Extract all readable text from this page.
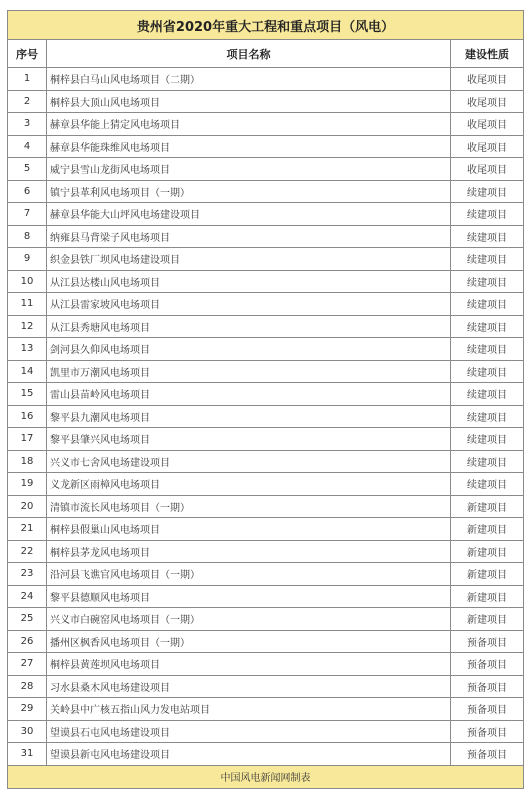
贵州省2020年重大工程和重点项目（风电）		
序号	项目名称	建设性质
1	桐梓县白马山风电场项目（二期）	收尾项目
2	桐梓县大顶山风电场项目	收尾项目
3	赫章县华能上猜定风电场项目	收尾项目
4	赫章县华能珠维风电场项目	收尾项目
5	威宁县雪山龙街风电场项目	收尾项目
6	镇宁县革利风电场项目（一期）	续建项目
7	赫章县华能大山坪风电场建设项目	续建项目
8	纳雍县马背梁子风电场项目	续建项目
9	织金县铁厂坝风电场建设项目	续建项目
10	从江县达楼山风电场项目	续建项目
11	从江县雷家坡风电场项目	续建项目
12	从江县秀塘风电场项目	续建项目
13	剑河县久仰风电场项目	续建项目
14	凯里市万潮风电场项目	续建项目
15	雷山县苗岭风电场项目	续建项目
16	黎平县九潮风电场项目	续建项目
17	黎平县肇兴风电场项目	续建项目
18	兴义市七舍风电场建设项目	续建项目
19	义龙新区雨樟风电场项目	续建项目
20	清镇市流长风电场项目（一期）	新建项目
21	桐梓县假巢山风电场项目	新建项目
22	桐梓县茅龙风电场项目	新建项目
23	沿河县飞谯官风电场项目（一期）	新建项目
24	黎平县德顺风电场项目	新建项目
25	兴义市白碗窑风电场项目（一期）	新建项目
26	播州区枫香风电场项目（一期）	预备项目
27	桐梓县黄莲坝风电场项目	预备项目
28	习水县桑木风电场建设项目	预备项目
29	关岭县中广核五指山风力发电站项目	预备项目
30	望谟县石屯风电场建设项目	预备项目
31	望谟县新屯风电场建设项目	预备项目
中国风电新闻网制表		
